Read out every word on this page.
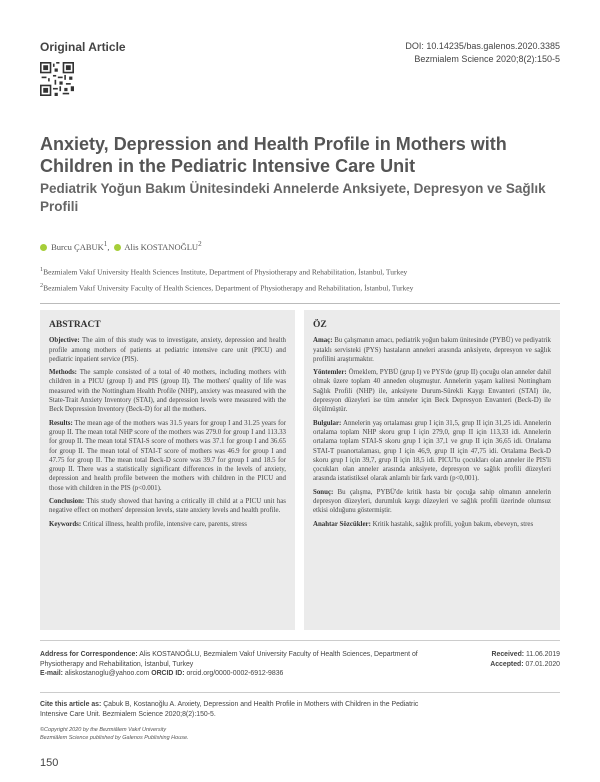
Original Article	DOI: 10.14235/bas.galenos.2020.3385
Bezmialem Science 2020;8(2):150-5
Anxiety, Depression and Health Profile in Mothers with Children in the Pediatric Intensive Care Unit
Pediatrik Yoğun Bakım Ünitesindeki Annelerde Anksiyete, Depresyon ve Sağlık Profili
Burcu ÇABUK$^1$,   Alis KOSTANOĞLU$^2$
$^1$Bezmialem Vakıf University Health Sciences Institute, Department of Physiotherapy and Rehabilitation, İstanbul, Turkey
$^2$Bezmialem Vakıf University Faculty of Health Sciences, Department of Physiotherapy and Rehabilitation, İstanbul, Turkey
ABSTRACT

Objective: The aim of this study was to investigate, anxiety, depression and health profile among mothers of patients at pediatric intensive care unit (PICU) and pediatric inpatient service (PIS).

Methods: The sample consisted of a total of 40 mothers, including mothers with children in a PICU (group I) and PIS (group II). The mothers' quality of life was measured with the Nottingham Health Profile (NHP), anxiety was measured with the State-Trait Anxiety Inventory (STAI), and depression levels were measured with the Beck Depression Inventory (Beck-D) for all the mothers.

Results: The mean age of the mothers was 31.5 years for group I and 31.25 years for group II. The mean total NHP score of the mothers was 279.0 for group I and 113.33 for group II. The mean total STAI-S score of mothers was 37.1 for group I and 36.65 for group II. The mean total of STAI-T score of mothers was 46.9 for group I and 47.75 for group II. The mean total Beck-D score was 39.7 for group I and 18.5 for group II. There was a statistically significant differences in the levels of anxiety, depression and health profile between the mothers with children in the PICU and those with children in the PIS (p<0.001).

Conclusion: This study showed that having a critically ill child at a PICU unit has negative effect on mothers' depression levels, state anxiety levels and health profile.

Keywords: Critical illness, health profile, intensive care, parents, stress

ÖZ

Amaç: Bu çalışmanın amacı, pediatrik yoğun bakım ünitesinde (PYBÜ) ve pediyatrik yataklı servisteki (PYS) hastaların anneleri arasında anksiyete, depresyon ve sağlık profilini araştırmaktır.

Yöntemler: Örneklem, PYBÜ (grup I) ve PYS'de (grup II) çocuğu olan anneler dahil olmak üzere toplam 40 anneden oluşmuştur. Annelerin yaşam kalitesi Nottingham Sağlık Profili (NHP) ile, anksiyete Durum-Sürekli Kaygı Envanteri (STAI) ile, depresyon düzeyleri ise tüm anneler için Beck Depresyon Envanteri (Beck-D) ile ölçülmüştür.

Bulgular: Annelerin yaş ortalaması grup I için 31,5, grup II için 31,25 idi. Annelerin ortalama toplam NHP skoru grup I için 279,0, grup II için 113,33 idi. Annelerin ortalama toplam STAI-S skoru grup I için 37,1 ve grup II için 36,65 idi. Ortalama STAI-T puanortalaması, grup I için 46,9, grup II için 47,75 idi. Ortalama Beck-D skoru grup I için 39,7, grup II için 18,5 idi. PICU'lu çocukları olan anneler ile PIS'li çocukları olan anneler arasında anksiyete, depresyon ve sağlık profili düzeyleri arasında istatistiksel olarak anlamlı bir fark vardı (p<0,001).

Sonuç: Bu çalışma, PYBÜ'de kritik hasta bir çocuğa sahip olmanın annelerin depresyon düzeyleri, durumluk kaygı düzeyleri ve sağlık profili üzerinde olumsuz etkisi olduğunu göstermiştir.

Anahtar Sözcükler: Kritik hastalık, sağlık profili, yoğun bakım, ebeveyn, stres

Address for Correspondence: Alis KOSTANOĞLU, Bezmialem Vakıf University Faculty of Health Sciences, Department of Physiotherapy and Rehabilitation, İstanbul, Turkey
E-mail: aliskostanoglu@yahoo.com ORCID ID: orcid.org/0000-0002-6912-9836
Received: 11.06.2019
Accepted: 07.01.2020
Cite this article as: Çabuk B, Kostanoğlu A. Anxiety, Depression and Health Profile in Mothers with Children in the Pediatric Intensive Care Unit. Bezmialem Science 2020;8(2):150-5.
©Copyright 2020 by the Bezmiâlem Vakıf University
Bezmiâlem Science published by Galenos Publishing House.
150
